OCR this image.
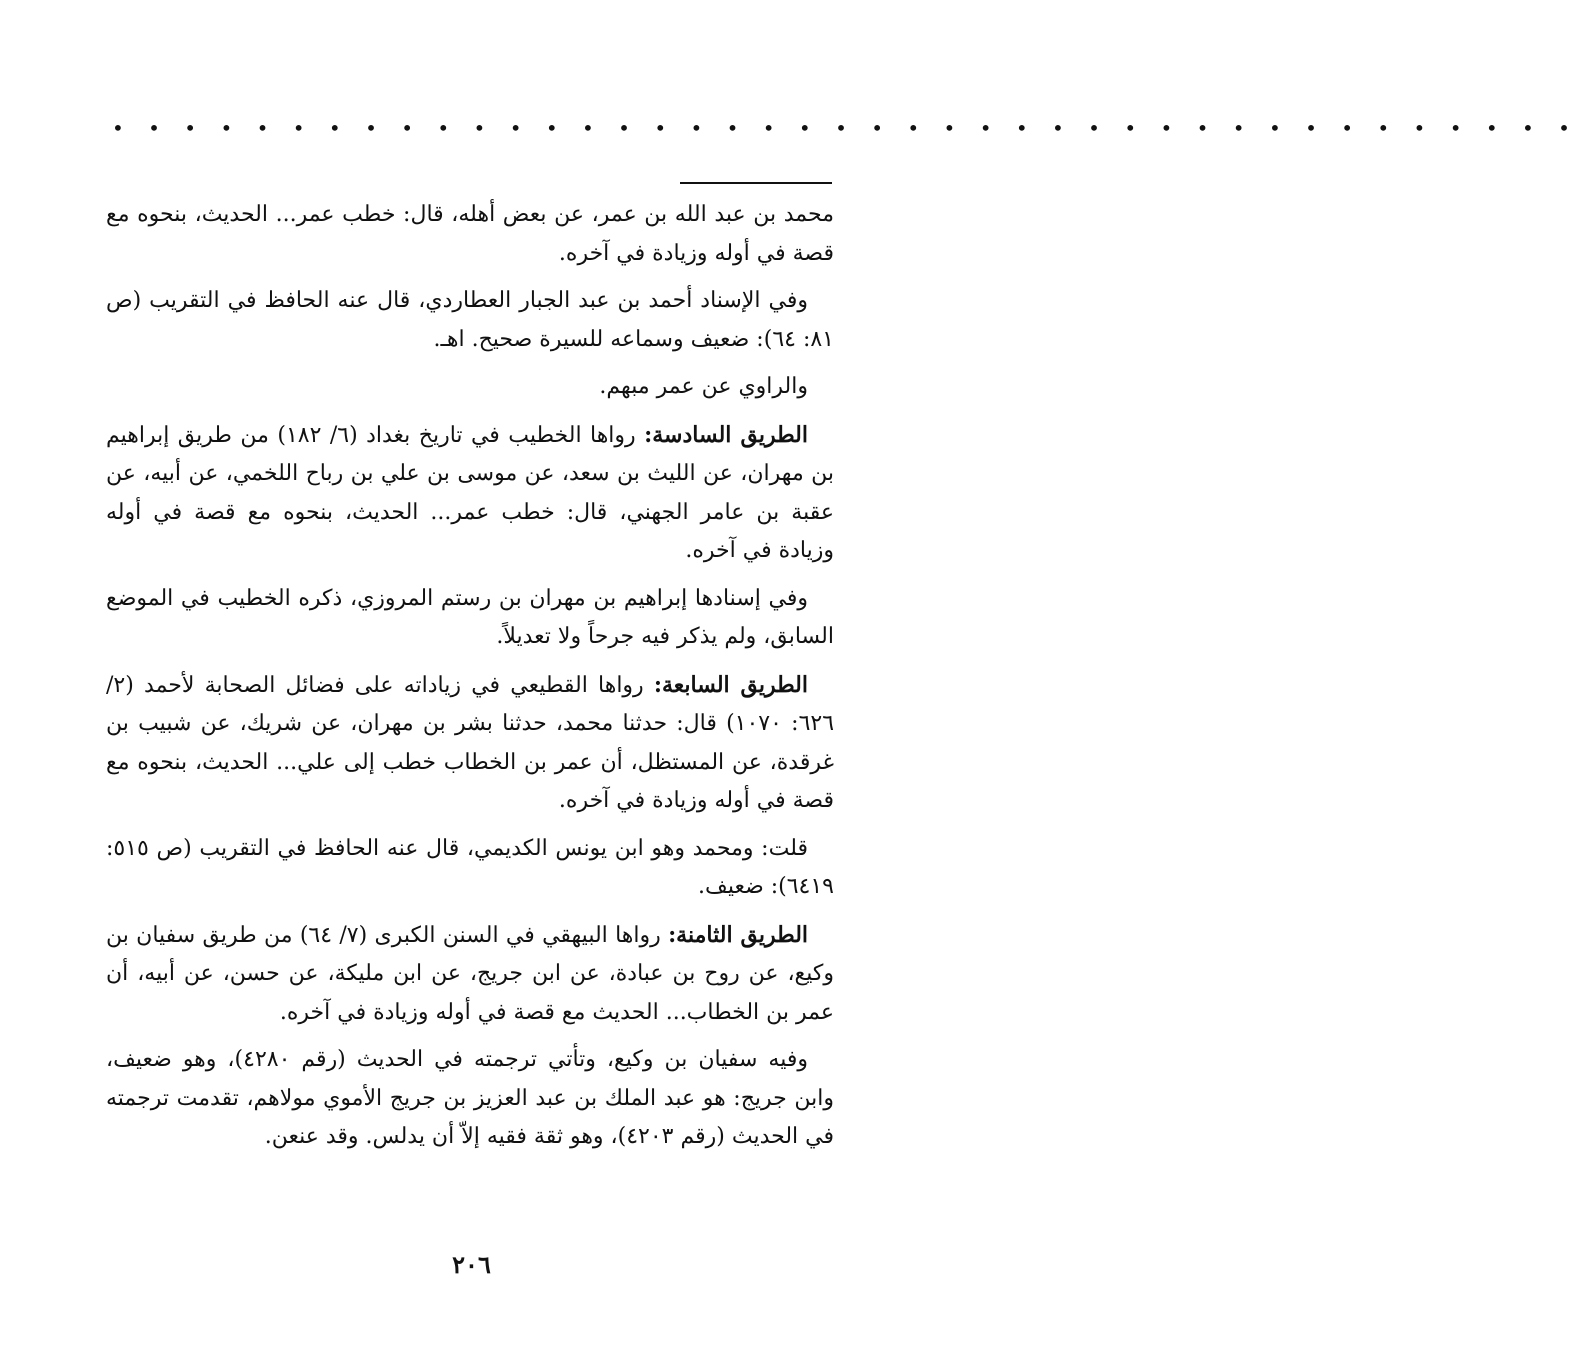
• • • • • • • • • • • • • • • • • • • • • • • • • • • • • • • • • • • • • • • • •

محمد بن عبد الله بن عمر، عن بعض أهله، قال: خطب عمر... الحديث، بنحوه مع قصة في أوله وزيادة في آخره.

وفي الإسناد أحمد بن عبد الجبار العطاردي، قال عنه الحافظ في التقريب (ص ٨١: ٦٤): ضعيف وسماعه للسيرة صحيح. اهـ.

والراوي عن عمر مبهم.

الطريق السادسة: رواها الخطيب في تاريخ بغداد (٦/ ١٨٢) من طريق إبراهيم بن مهران، عن الليث بن سعد، عن موسى بن علي بن رباح اللخمي، عن أبيه، عن عقبة بن عامر الجهني، قال: خطب عمر... الحديث، بنحوه مع قصة في أوله وزيادة في آخره.

وفي إسنادها إبراهيم بن مهران بن رستم المروزي، ذكره الخطيب في الموضع السابق، ولم يذكر فيه جرحاً ولا تعديلاً.

الطريق السابعة: رواها القطيعي في زياداته على فضائل الصحابة لأحمد (٢/ ٦٢٦: ١٠٧٠) قال: حدثنا محمد، حدثنا بشر بن مهران، عن شريك، عن شبيب بن غرقدة، عن المستظل، أن عمر بن الخطاب خطب إلى علي... الحديث، بنحوه مع قصة في أوله وزيادة في آخره.

قلت: ومحمد وهو ابن يونس الكديمي، قال عنه الحافظ في التقريب (ص ٥١٥: ٦٤١٩): ضعيف.

الطريق الثامنة: رواها البيهقي في السنن الكبرى (٧/ ٦٤) من طريق سفيان بن وكيع، عن روح بن عبادة، عن ابن جريج، عن ابن مليكة، عن حسن، عن أبيه، أن عمر بن الخطاب... الحديث مع قصة في أوله وزيادة في آخره.

وفيه سفيان بن وكيع، وتأتي ترجمته في الحديث (رقم ٤٢٨٠)، وهو ضعيف، وابن جريج: هو عبد الملك بن عبد العزيز بن جريج الأموي مولاهم، تقدمت ترجمته في الحديث (رقم ٤٢٠٣)، وهو ثقة فقيه إلاّ أن يدلس. وقد عنعن.

٢٠٦
